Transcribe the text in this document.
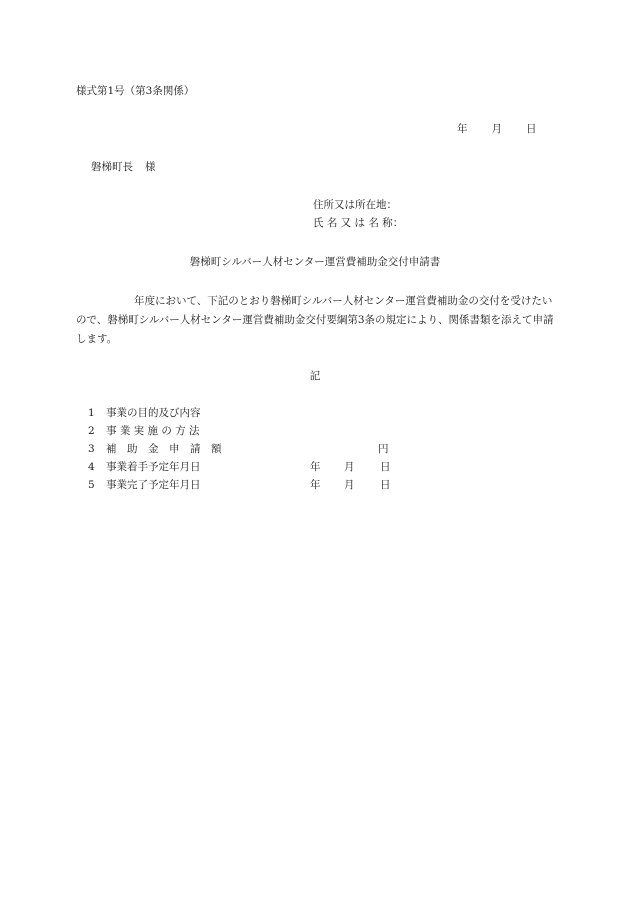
様式第1号（第3条関係）
年 月 日
磐梯町長 様
住所又は所在地：
氏 名 又 は 名 称：
磐梯町シルバー人材センター運営費補助金交付申請書
年度において、下記のとおり磐梯町シルバー人材センター運営費補助金の交付を受けたいので、磐梯町シルバー人材センター運営費補助金交付要綱第3条の規定により、関係書類を添えて申請します。
記
1 事業の目的及び内容
2 事 業 実 施 の 方 法
3 補　助　金　申　請　額	円
4 事業着手予定年月日	年 月 日
5 事業完了予定年月日	年 月 日
